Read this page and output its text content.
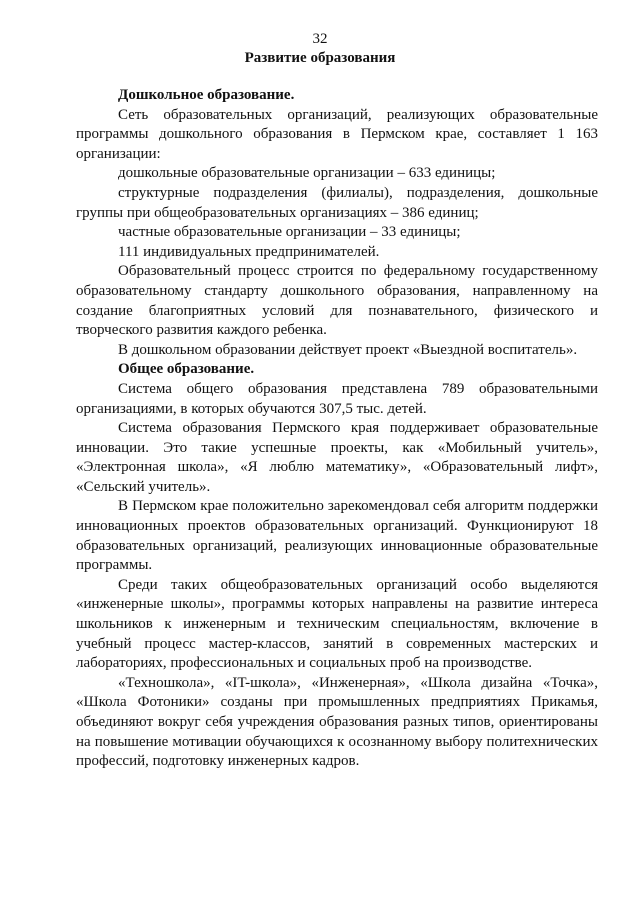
32
Развитие образования

Дошкольное образование.

Сеть образовательных организаций, реализующих образовательные программы дошкольного образования в Пермском крае, составляет 1 163 организации:

дошкольные образовательные организации – 633 единицы;

структурные подразделения (филиалы), подразделения, дошкольные группы при общеобразовательных организациях – 386 единиц;

частные образовательные организации – 33 единицы;

111 индивидуальных предпринимателей.

Образовательный процесс строится по федеральному государственному образовательному стандарту дошкольного образования, направленному на создание благоприятных условий для познавательного, физического и творческого развития каждого ребенка.

В дошкольном образовании действует проект «Выездной воспитатель».

Общее образование.

Система общего образования представлена 789 образовательными организациями, в которых обучаются 307,5 тыс. детей.

Система образования Пермского края поддерживает образовательные инновации. Это такие успешные проекты, как «Мобильный учитель», «Электронная школа», «Я люблю математику», «Образовательный лифт», «Сельский учитель».

В Пермском крае положительно зарекомендовал себя алгоритм поддержки инновационных проектов образовательных организаций. Функционируют 18 образовательных организаций, реализующих инновационные образовательные программы.

Среди таких общеобразовательных организаций особо выделяются «инженерные школы», программы которых направлены на развитие интереса школьников к инженерным и техническим специальностям, включение в учебный процесс мастер-классов, занятий в современных мастерских и лабораториях, профессиональных и социальных проб на производстве.

«Техношкола», «IT-школа», «Инженерная», «Школа дизайна «Точка», «Школа Фотоники» созданы при промышленных предприятиях Прикамья, объединяют вокруг себя учреждения образования разных типов, ориентированы на повышение мотивации обучающихся к осознанному выбору политехнических профессий, подготовку инженерных кадров.
